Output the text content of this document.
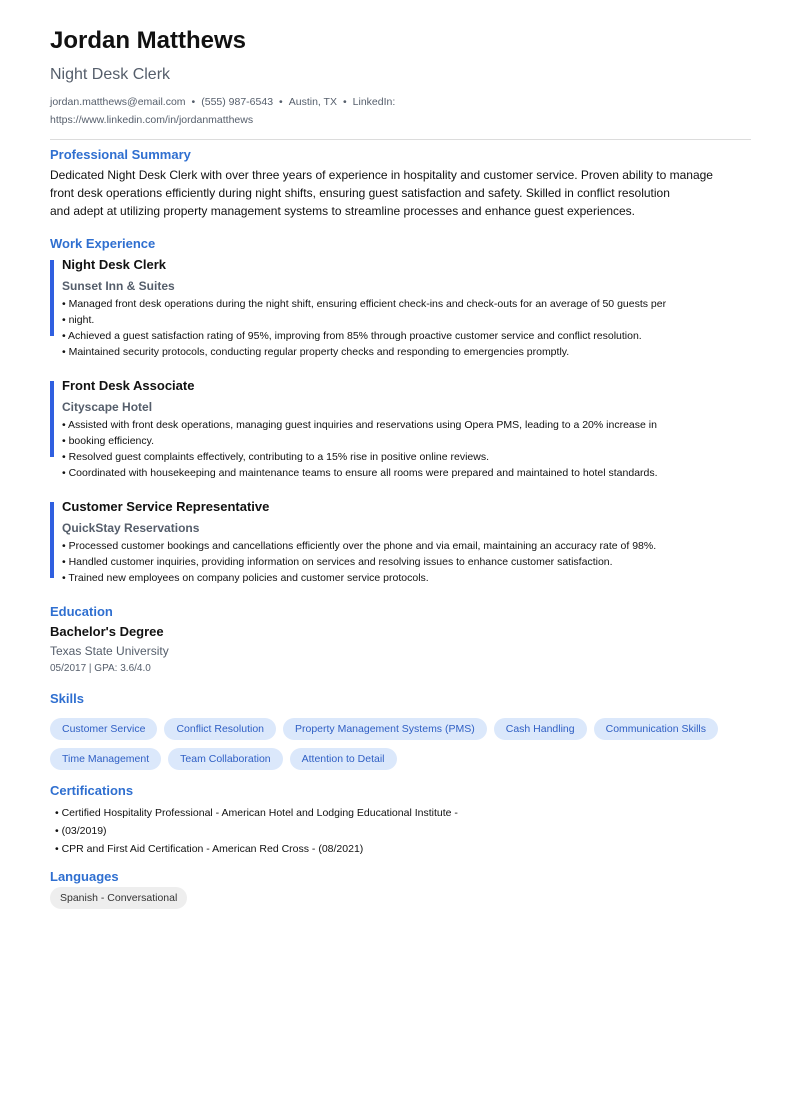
Jordan Matthews
Night Desk Clerk
jordan.matthews@email.com • (555) 987-6543 • Austin, TX • LinkedIn:
https://www.linkedin.com/in/jordanmatthews
Professional Summary
Dedicated Night Desk Clerk with over three years of experience in hospitality and customer service. Proven ability to manage
front desk operations efficiently during night shifts, ensuring guest satisfaction and safety. Skilled in conflict resolution
and adept at utilizing property management systems to streamline processes and enhance guest experiences.
Work Experience
Night Desk Clerk
Sunset Inn & Suites
• Managed front desk operations during the night shift, ensuring efficient check-ins and check-outs for an average of 50 guests per
• night.
• Achieved a guest satisfaction rating of 95%, improving from 85% through proactive customer service and conflict resolution.
• Maintained security protocols, conducting regular property checks and responding to emergencies promptly.
Front Desk Associate
Cityscape Hotel
• Assisted with front desk operations, managing guest inquiries and reservations using Opera PMS, leading to a 20% increase in
• booking efficiency.
• Resolved guest complaints effectively, contributing to a 15% rise in positive online reviews.
• Coordinated with housekeeping and maintenance teams to ensure all rooms were prepared and maintained to hotel standards.
Customer Service Representative
QuickStay Reservations
• Processed customer bookings and cancellations efficiently over the phone and via email, maintaining an accuracy rate of 98%.
• Handled customer inquiries, providing information on services and resolving issues to enhance customer satisfaction.
• Trained new employees on company policies and customer service protocols.
Education
Bachelor's Degree
Texas State University
05/2017 | GPA: 3.6/4.0
Skills
Customer Service	Conflict Resolution	Property Management Systems (PMS)	Cash Handling	Communication Skills
Time Management	Team Collaboration	Attention to Detail
Certifications
• Certified Hospitality Professional - American Hotel and Lodging Educational Institute -
• (03/2019)
• CPR and First Aid Certification - American Red Cross - (08/2021)
Languages
Spanish - Conversational
